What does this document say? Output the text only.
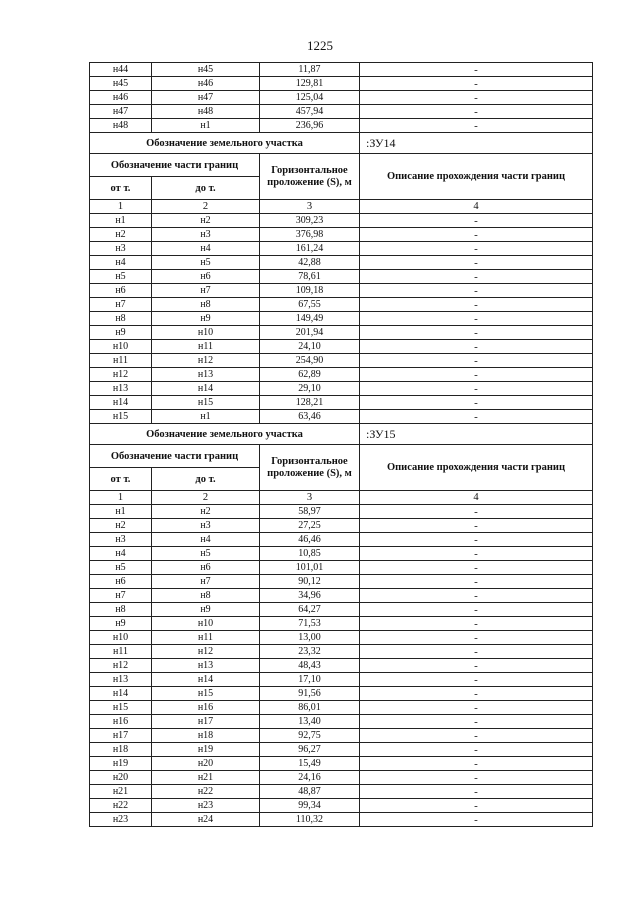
1225
н44	н45	11,87	-
н45	н46	129,81	-
н46	н47	125,04	-
н47	н48	457,94	-
н48	н1	236,96	-
Обозначение земельного участка			:ЗУ14
Обозначение части границ		Горизонтальное проложение (S), м	Описание прохождения части границ
от т.	до т.		
1	2	3	4
н1	н2	309,23	-
н2	н3	376,98	-
н3	н4	161,24	-
н4	н5	42,88	-
н5	н6	78,61	-
н6	н7	109,18	-
н7	н8	67,55	-
н8	н9	149,49	-
н9	н10	201,94	-
н10	н11	24,10	-
н11	н12	254,90	-
н12	н13	62,89	-
н13	н14	29,10	-
н14	н15	128,21	-
н15	н1	63,46	-
Обозначение земельного участка			:ЗУ15
Обозначение части границ		Горизонтальное проложение (S), м	Описание прохождения части границ
от т.	до т.		
1	2	3	4
н1	н2	58,97	-
н2	н3	27,25	-
н3	н4	46,46	-
н4	н5	10,85	-
н5	н6	101,01	-
н6	н7	90,12	-
н7	н8	34,96	-
н8	н9	64,27	-
н9	н10	71,53	-
н10	н11	13,00	-
н11	н12	23,32	-
н12	н13	48,43	-
н13	н14	17,10	-
н14	н15	91,56	-
н15	н16	86,01	-
н16	н17	13,40	-
н17	н18	92,75	-
н18	н19	96,27	-
н19	н20	15,49	-
н20	н21	24,16	-
н21	н22	48,87	-
н22	н23	99,34	-
н23	н24	110,32	-
